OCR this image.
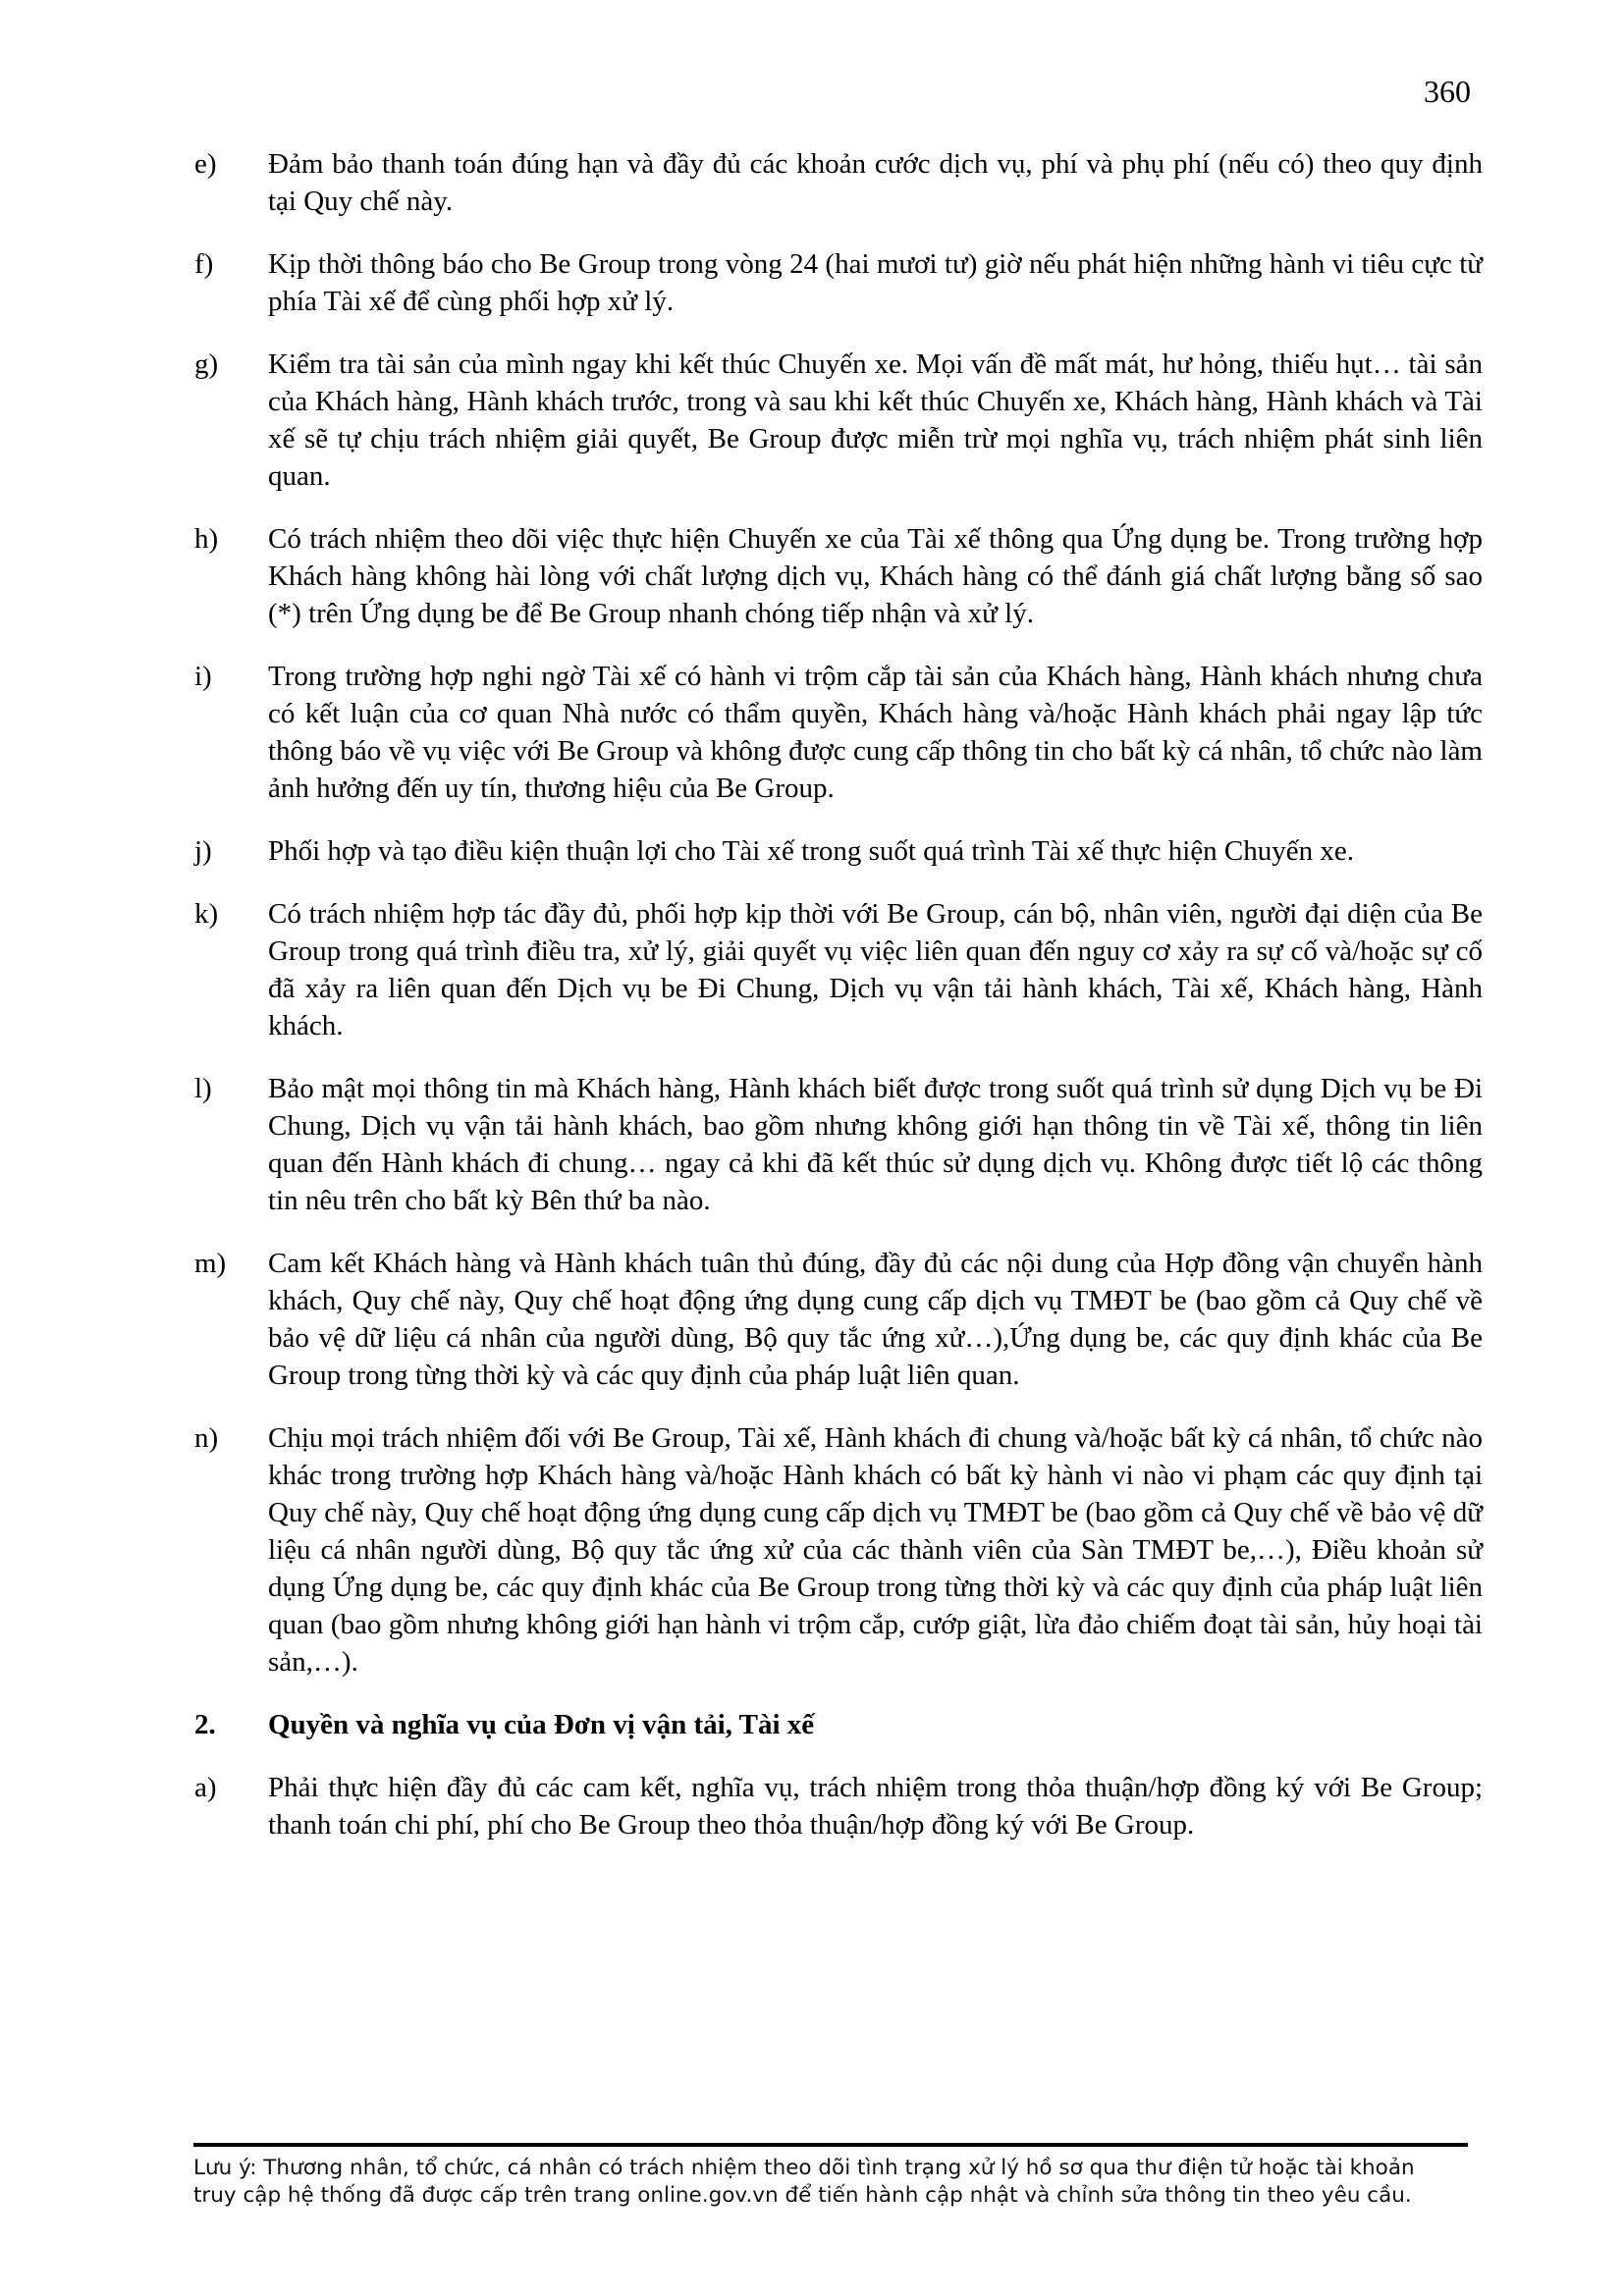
360
e)	Đảm bảo thanh toán đúng hạn và đầy đủ các khoản cước dịch vụ, phí và phụ phí (nếu có) theo quy định tại Quy chế này.
f)	Kịp thời thông báo cho Be Group trong vòng 24 (hai mươi tư) giờ nếu phát hiện những hành vi tiêu cực từ phía Tài xế để cùng phối hợp xử lý.
g)	Kiểm tra tài sản của mình ngay khi kết thúc Chuyến xe. Mọi vấn đề mất mát, hư hỏng, thiếu hụt… tài sản của Khách hàng, Hành khách trước, trong và sau khi kết thúc Chuyến xe, Khách hàng, Hành khách và Tài xế sẽ tự chịu trách nhiệm giải quyết, Be Group được miễn trừ mọi nghĩa vụ, trách nhiệm phát sinh liên quan.
h)	Có trách nhiệm theo dõi việc thực hiện Chuyến xe của Tài xế thông qua Ứng dụng be. Trong trường hợp Khách hàng không hài lòng với chất lượng dịch vụ, Khách hàng có thể đánh giá chất lượng bằng số sao (*) trên Ứng dụng be để Be Group nhanh chóng tiếp nhận và xử lý.
i)	Trong trường hợp nghi ngờ Tài xế có hành vi trộm cắp tài sản của Khách hàng, Hành khách nhưng chưa có kết luận của cơ quan Nhà nước có thẩm quyền, Khách hàng và/hoặc Hành khách phải ngay lập tức thông báo về vụ việc với Be Group và không được cung cấp thông tin cho bất kỳ cá nhân, tổ chức nào làm ảnh hưởng đến uy tín, thương hiệu của Be Group.
j)	Phối hợp và tạo điều kiện thuận lợi cho Tài xế trong suốt quá trình Tài xế thực hiện Chuyến xe.
k)	Có trách nhiệm hợp tác đầy đủ, phối hợp kịp thời với Be Group, cán bộ, nhân viên, người đại diện của Be Group trong quá trình điều tra, xử lý, giải quyết vụ việc liên quan đến nguy cơ xảy ra sự cố và/hoặc sự cố đã xảy ra liên quan đến Dịch vụ be Đi Chung, Dịch vụ vận tải hành khách, Tài xế, Khách hàng, Hành khách.
l)	Bảo mật mọi thông tin mà Khách hàng, Hành khách biết được trong suốt quá trình sử dụng Dịch vụ be Đi Chung, Dịch vụ vận tải hành khách, bao gồm nhưng không giới hạn thông tin về Tài xế, thông tin liên quan đến Hành khách đi chung… ngay cả khi đã kết thúc sử dụng dịch vụ. Không được tiết lộ các thông tin nêu trên cho bất kỳ Bên thứ ba nào.
m)	Cam kết Khách hàng và Hành khách tuân thủ đúng, đầy đủ các nội dung của Hợp đồng vận chuyển hành khách, Quy chế này, Quy chế hoạt động ứng dụng cung cấp dịch vụ TMĐT be (bao gồm cả Quy chế về bảo vệ dữ liệu cá nhân của người dùng, Bộ quy tắc ứng xử…),Ứng dụng be, các quy định khác của Be Group trong từng thời kỳ và các quy định của pháp luật liên quan.
n)	Chịu mọi trách nhiệm đối với Be Group, Tài xế, Hành khách đi chung và/hoặc bất kỳ cá nhân, tổ chức nào khác trong trường hợp Khách hàng và/hoặc Hành khách có bất kỳ hành vi nào vi phạm các quy định tại Quy chế này, Quy chế hoạt động ứng dụng cung cấp dịch vụ TMĐT be (bao gồm cả Quy chế về bảo vệ dữ liệu cá nhân người dùng, Bộ quy tắc ứng xử của các thành viên của Sàn TMĐT be,…), Điều khoản sử dụng Ứng dụng be, các quy định khác của Be Group trong từng thời kỳ và các quy định của pháp luật liên quan (bao gồm nhưng không giới hạn hành vi trộm cắp, cướp giật, lừa đảo chiếm đoạt tài sản, hủy hoại tài sản,…).
2.	Quyền và nghĩa vụ của Đơn vị vận tải, Tài xế
a)	Phải thực hiện đầy đủ các cam kết, nghĩa vụ, trách nhiệm trong thỏa thuận/hợp đồng ký với Be Group; thanh toán chi phí, phí cho Be Group theo thỏa thuận/hợp đồng ký với Be Group.
Lưu ý: Thương nhân, tổ chức, cá nhân có trách nhiệm theo dõi tình trạng xử lý hồ sơ qua thư điện tử hoặc tài khoản truy cập hệ thống đã được cấp trên trang online.gov.vn để tiến hành cập nhật và chỉnh sửa thông tin theo yêu cầu.
